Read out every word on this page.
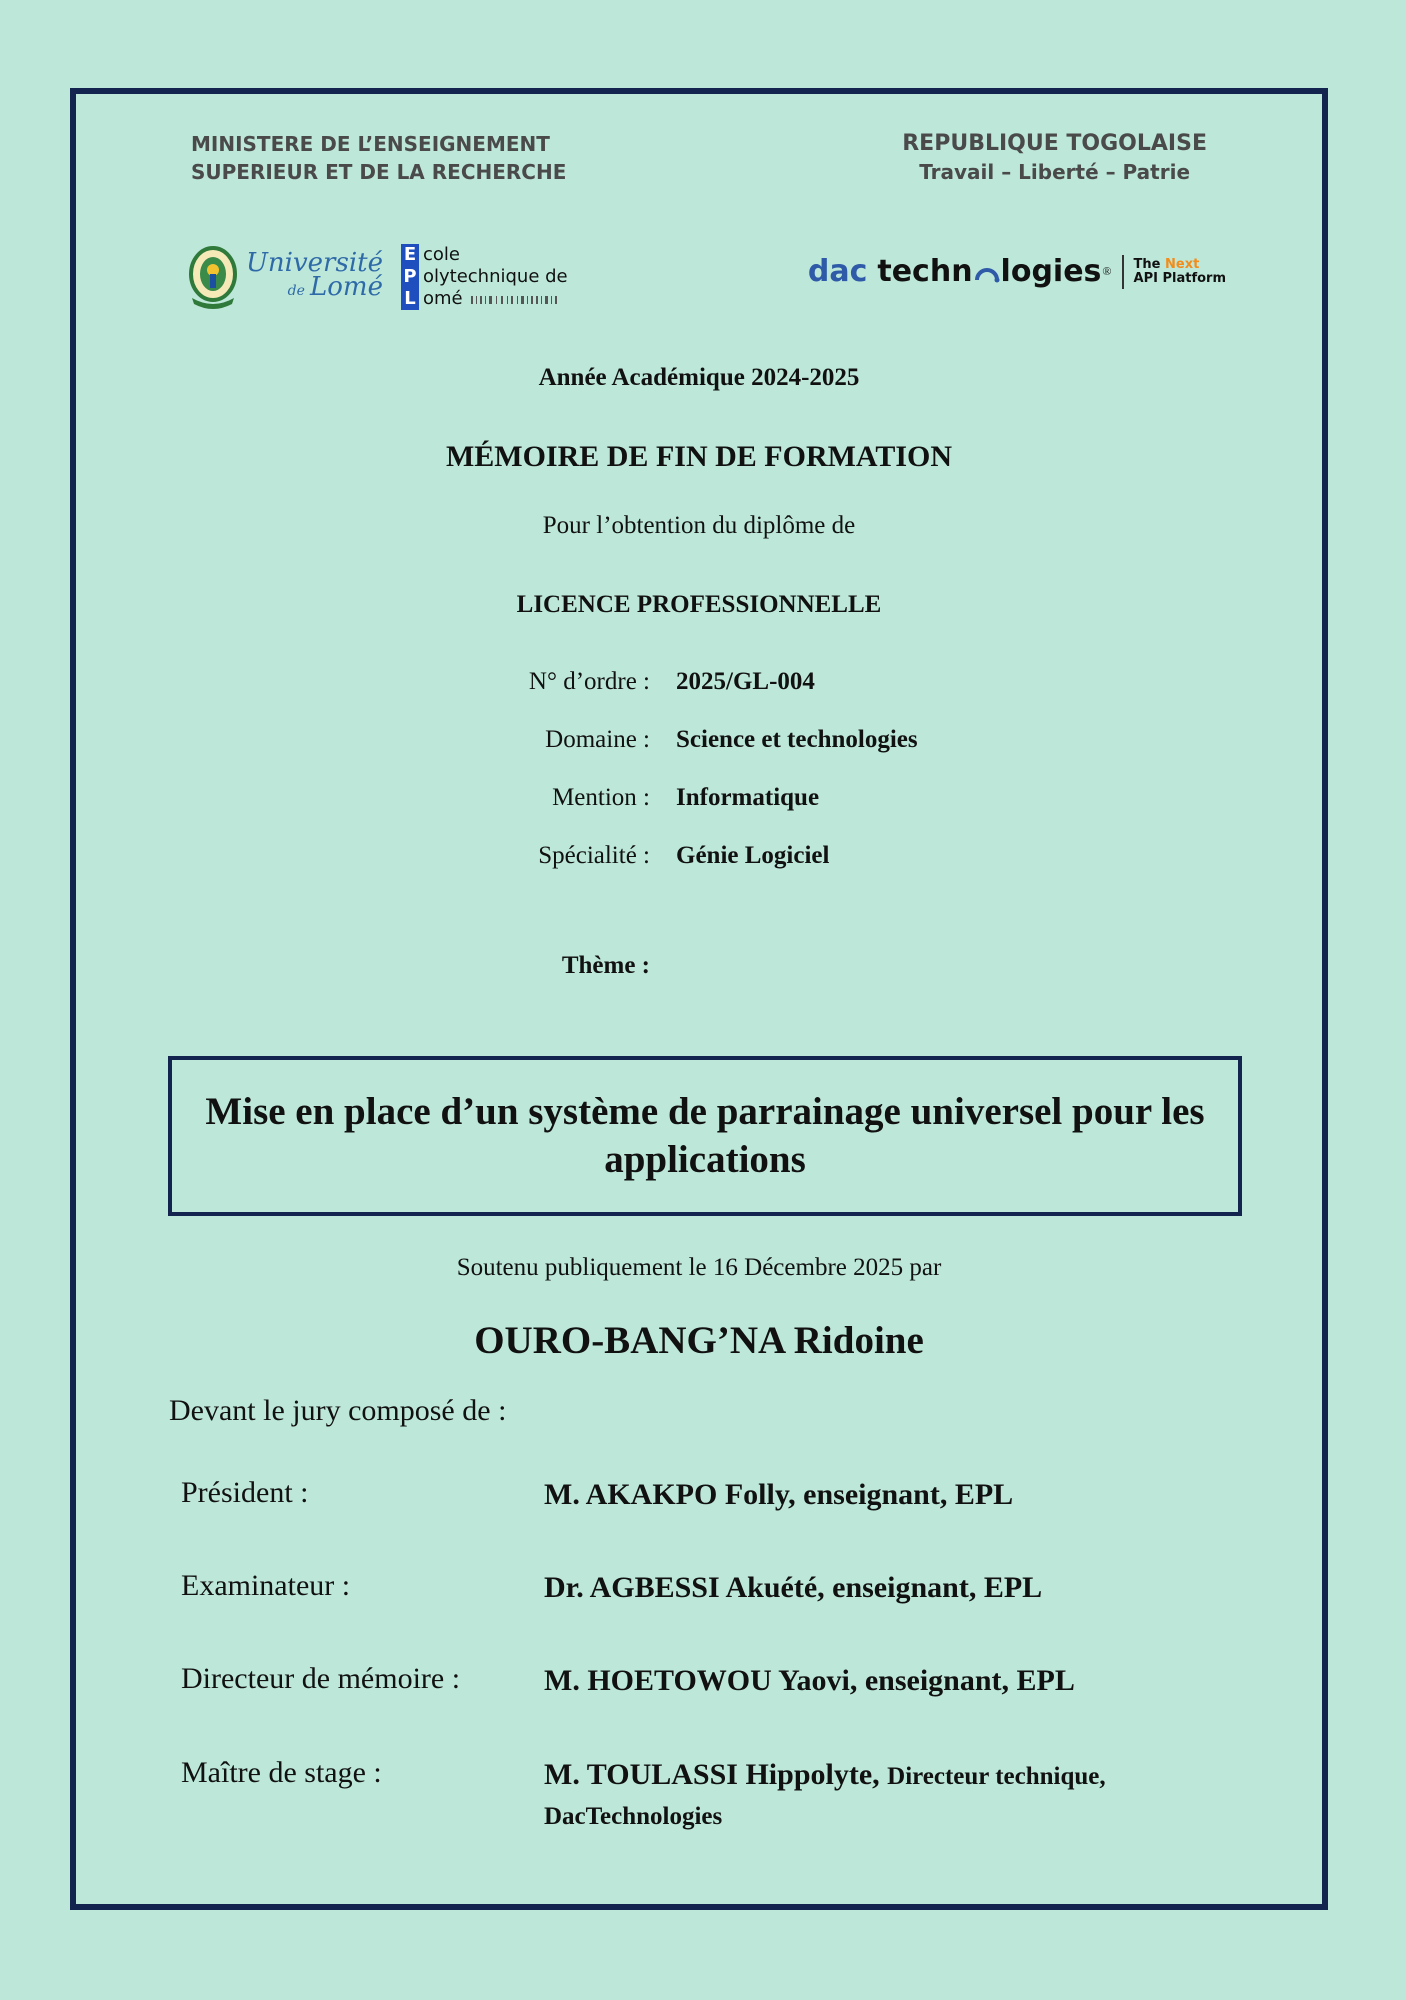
MINISTERE DE L’ENSEIGNEMENT
SUPERIEUR ET DE LA RECHERCHE
REPUBLIQUE TOGOLAISE
Travail – Liberté – Patrie
Université
de Lomé
E
P
L
cole
olytechnique de
omé
dac techn logies ® The Next
API Platform
Année Académique 2024-2025
MÉMOIRE DE FIN DE FORMATION
Pour l’obtention du diplôme de
LICENCE PROFESSIONNELLE
N° d’ordre : 2025/GL-004
Domaine : Science et technologies
Mention : Informatique
Spécialité : Génie Logiciel
Thème :
Mise en place d’un système de parrainage universel pour les applications
Soutenu publiquement le 16 Décembre 2025 par
OURO-BANG’NA Ridoine
Devant le jury composé de :
Président :	M. AKAKPO Folly, enseignant, EPL
Examinateur :	Dr. AGBESSI Akuété, enseignant, EPL
Directeur de mémoire :	M. HOETOWOU Yaovi, enseignant, EPL
Maître de stage :	M. TOULASSI Hippolyte, Directeur technique, DacTechnologies
